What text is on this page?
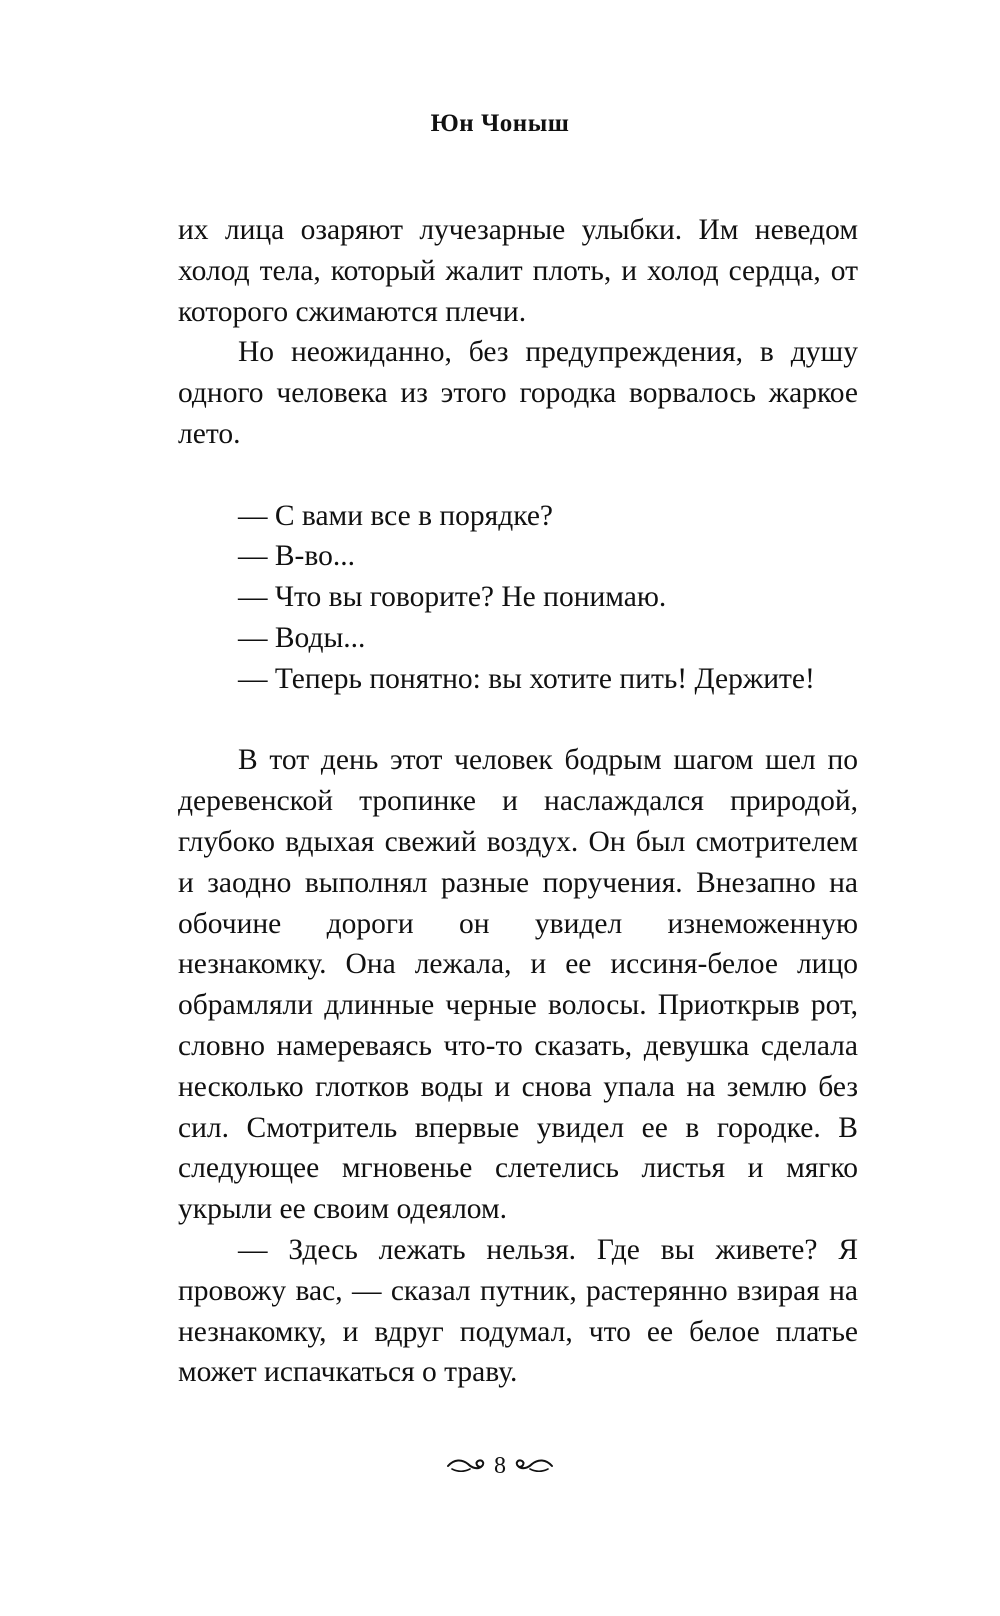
Юн Чоныш

их лица озаряют лучезарные улыбки. Им неведом холод тела, который жалит плоть, и холод сердца, от которого сжимаются плечи.

Но неожиданно, без предупреждения, в душу одного человека из этого городка ворвалось жаркое лето.

— С вами все в порядке?

— В-во...

— Что вы говорите? Не понимаю.

— Воды...

— Теперь понятно: вы хотите пить! Держите!

В тот день этот человек бодрым шагом шел по деревенской тропинке и наслаждался природой, глубоко вдыхая свежий воздух. Он был смотрителем и заодно выполнял разные поручения. Внезапно на обочине дороги он увидел изнеможенную незнакомку. Она лежала, и ее иссиня-белое лицо обрамляли длинные черные волосы. Приоткрыв рот, словно намереваясь что-то сказать, девушка сделала несколько глотков воды и снова упала на землю без сил. Смотритель впервые увидел ее в городке. В следующее мгновенье слетелись листья и мягко укрыли ее своим одеялом.

— Здесь лежать нельзя. Где вы живете? Я провожу вас, — сказал путник, растерянно взирая на незнакомку, и вдруг подумал, что ее белое платье может испачкаться о траву.

8
